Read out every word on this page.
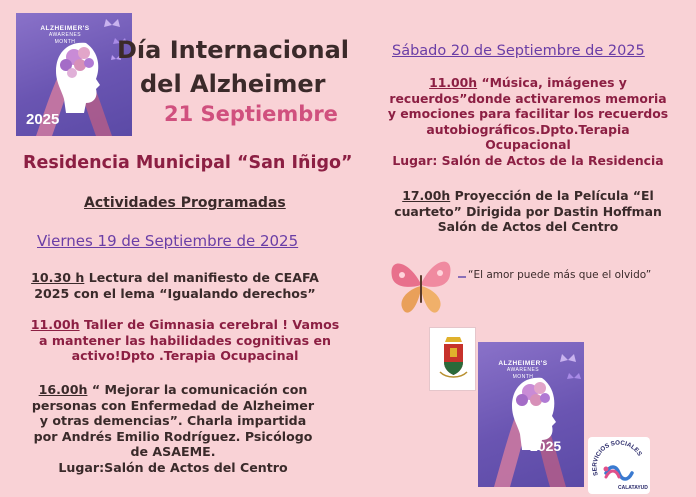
ALZHEIMER'S
AWARENES MONTH
2025
Día Internacional
del Alzheimer
21 Septiembre
Residencia Municipal “San Iñigo”
Actividades Programadas
Viernes 19 de Septiembre de 2025
10.30 h Lectura del manifiesto de CEAFA
2025 con el lema “Igualando derechos”
11.00h Taller de Gimnasia cerebral ! Vamos
a mantener las habilidades cognitivas en
activo!Dpto .Terapia Ocupacinal
16.00h “ Mejorar la comunicación con
personas con Enfermedad de Alzheimer
y otras demencias”. Charla impartida
por Andrés Emilio Rodríguez. Psicólogo
de ASAEME.
Lugar:Salón de Actos del Centro
Sábado 20 de Septiembre de 2025
11.00h “Música, imágenes y
recuerdos”donde activaremos memoria
y emociones para facilitar los recuerdos
autobiográficos.Dpto.Terapia
Ocupacional
Lugar: Salón de Actos de la Residencia
17.00h Proyección de la Película “El
cuarteto” Dirigida por Dastin Hoffman
Salón de Actos del Centro
“El amor puede más que el olvido”
ALZHEIMER'S
AWARENES MONTH
2025
SERVICIOS SOCIALES
CALATAYUD
